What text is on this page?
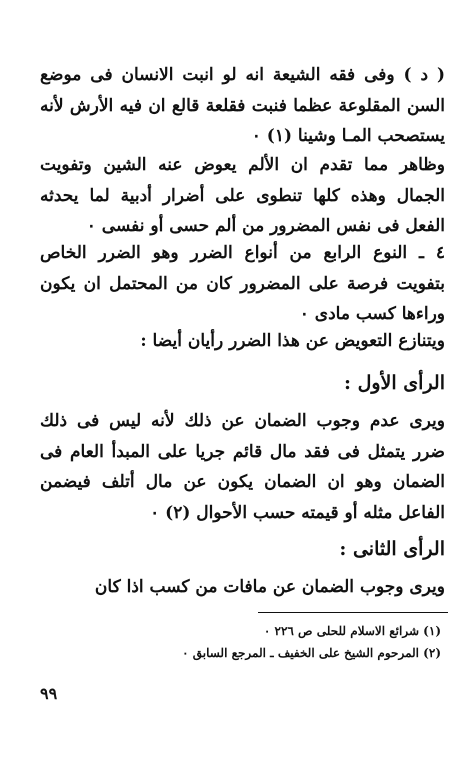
( د ) وفى فقه الشيعة انه لو انبت الانسان فى موضع السن المقلوعة عظما فنبت فقلعة قالع ان فيه الأرش لأنه يستصحب المـا وشينا (١) ٠

وظاهر مما تقدم ان الألم يعوض عنه الشين وتفويت الجمال وهذه كلها تنطوى على أضرار أدبية لما يحدثه الفعل فى نفس المضرور من ألم حسى أو نفسى ٠

٤ ـ النوع الرابع من أنواع الضرر وهو الضرر الخاص بتفويت فرصة على المضرور كان من المحتمل ان يكون وراءها كسب مادى ٠

ويتنازع التعويض عن هذا الضرر رأيان أيضا :

الرأى الأول :

ويرى عدم وجوب الضمان عن ذلك لأنه ليس فى ذلك ضرر يتمثل فى فقد مال قائم جريا على المبدأ العام فى الضمان وهو ان الضمان يكون عن مال أتلف فيضمن الفاعل مثله أو قيمته حسب الأحوال (٢) ٠

الرأى الثانى :

ويرى وجوب الضمان عن مافات من كسب اذا كان

(١) شرائع الاسلام للحلى ص ٢٢٦ ٠

(٢) المرحوم الشيخ على الخفيف ـ المرجع السابق ٠

٩٩
